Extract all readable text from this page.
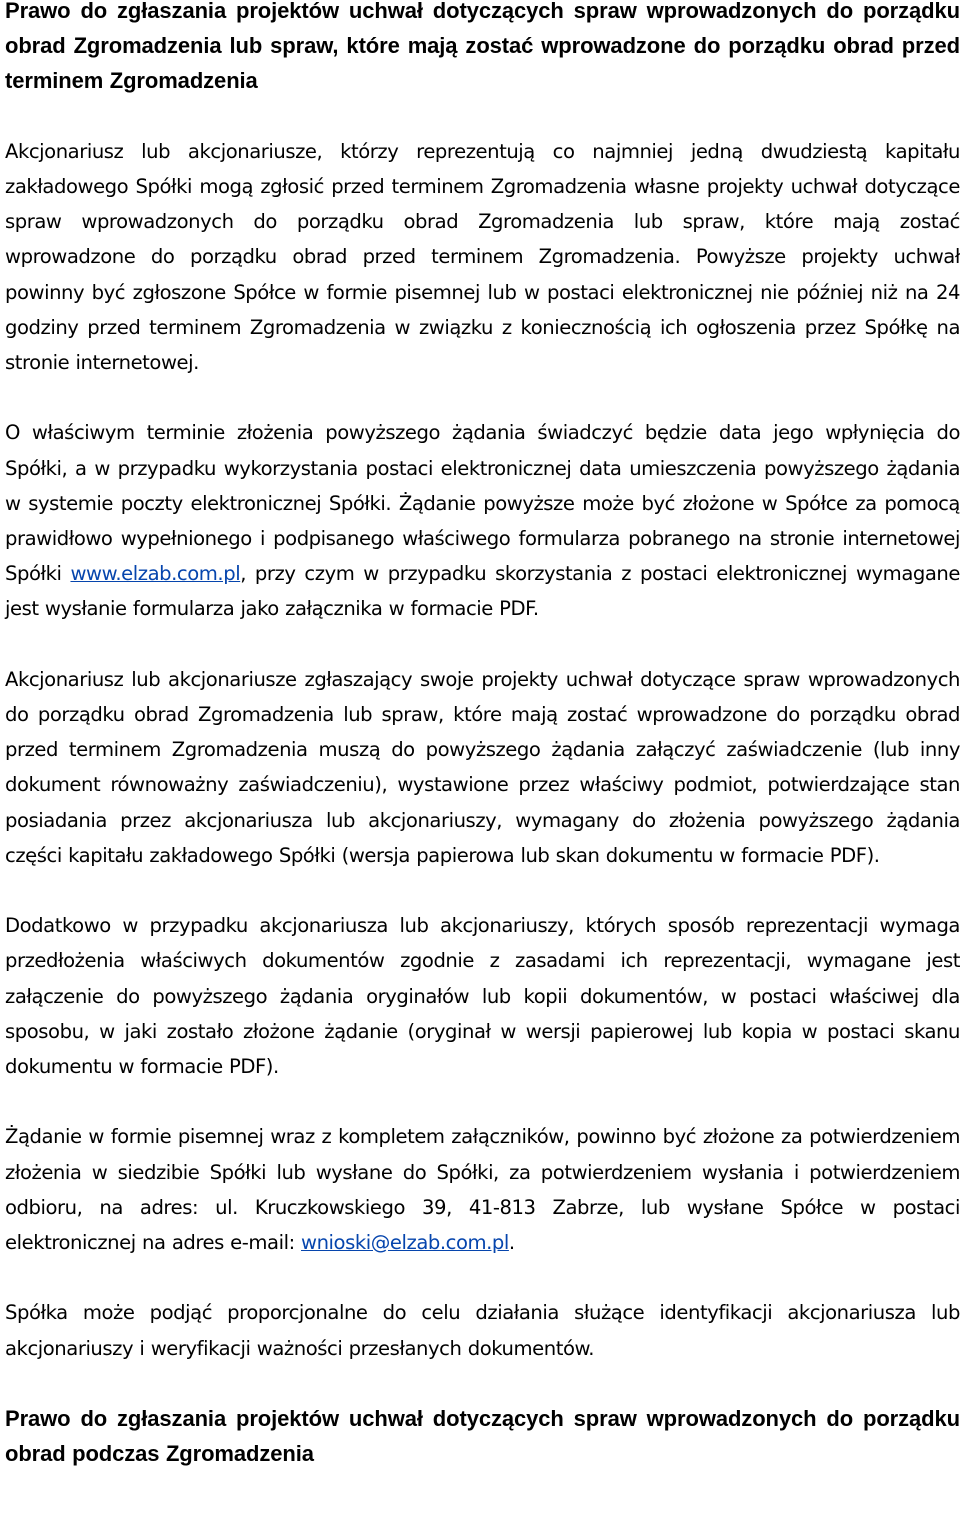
Prawo do zgłaszania projektów uchwał dotyczących spraw wprowadzonych do porządku obrad Zgromadzenia lub spraw, które mają zostać wprowadzone do porządku obrad przed terminem Zgromadzenia

Akcjonariusz lub akcjonariusze, którzy reprezentują co najmniej jedną dwudziestą kapitału zakładowego Spółki mogą zgłosić przed terminem Zgromadzenia własne projekty uchwał dotyczące spraw wprowadzonych do porządku obrad Zgromadzenia lub spraw, które mają zostać wprowadzone do porządku obrad przed terminem Zgromadzenia. Powyższe projekty uchwał powinny być zgłoszone Spółce w formie pisemnej lub w postaci elektronicznej nie później niż na 24 godziny przed terminem Zgromadzenia w związku z koniecznością ich ogłoszenia przez Spółkę na stronie internetowej.

O właściwym terminie złożenia powyższego żądania świadczyć będzie data jego wpłynięcia do Spółki, a w przypadku wykorzystania postaci elektronicznej data umieszczenia powyższego żądania w systemie poczty elektronicznej Spółki. Żądanie powyższe może być złożone w Spółce za pomocą prawidłowo wypełnionego i podpisanego właściwego formularza pobranego na stronie internetowej Spółki www.elzab.com.pl, przy czym w przypadku skorzystania z postaci elektronicznej wymagane jest wysłanie formularza jako załącznika w formacie PDF.

Akcjonariusz lub akcjonariusze zgłaszający swoje projekty uchwał dotyczące spraw wprowadzonych do porządku obrad Zgromadzenia lub spraw, które mają zostać wprowadzone do porządku obrad przed terminem Zgromadzenia muszą do powyższego żądania załączyć zaświadczenie (lub inny dokument równoważny zaświadczeniu), wystawione przez właściwy podmiot, potwierdzające stan posiadania przez akcjonariusza lub akcjonariuszy, wymagany do złożenia powyższego żądania części kapitału zakładowego Spółki (wersja papierowa lub skan dokumentu w formacie PDF).

Dodatkowo w przypadku akcjonariusza lub akcjonariuszy, których sposób reprezentacji wymaga przedłożenia właściwych dokumentów zgodnie z zasadami ich reprezentacji, wymagane jest załączenie do powyższego żądania oryginałów lub kopii dokumentów, w postaci właściwej dla sposobu, w jaki zostało złożone żądanie (oryginał w wersji papierowej lub kopia w postaci skanu dokumentu w formacie PDF).

Żądanie w formie pisemnej wraz z kompletem załączników, powinno być złożone za potwierdzeniem złożenia w siedzibie Spółki lub wysłane do Spółki, za potwierdzeniem wysłania i potwierdzeniem odbioru, na adres: ul. Kruczkowskiego 39, 41-813 Zabrze, lub wysłane Spółce w postaci elektronicznej na adres e-mail: wnioski@elzab.com.pl.

Spółka może podjąć proporcjonalne do celu działania służące identyfikacji akcjonariusza lub akcjonariuszy i weryfikacji ważności przesłanych dokumentów.

Prawo do zgłaszania projektów uchwał dotyczących spraw wprowadzonych do porządku obrad podczas Zgromadzenia
